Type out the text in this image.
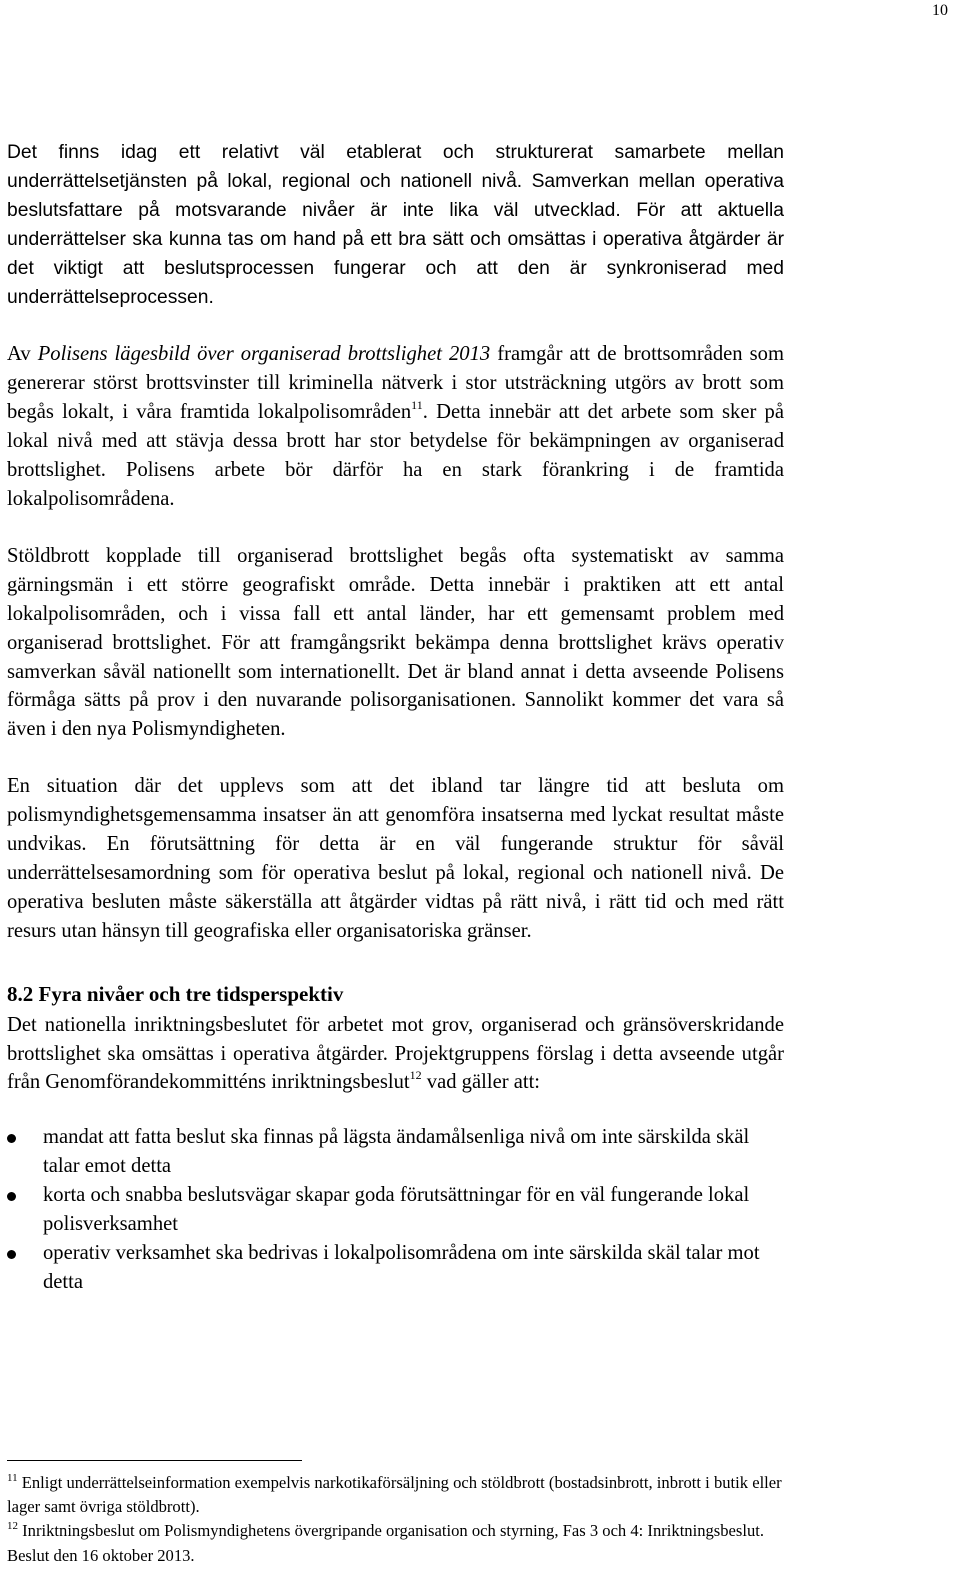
10

Det finns idag ett relativt väl etablerat och strukturerat samarbete mellan underrättelsetjänsten på lokal, regional och nationell nivå. Samverkan mellan operativa beslutsfattare på motsvarande nivåer är inte lika väl utvecklad. För att aktuella underrättelser ska kunna tas om hand på ett bra sätt och omsättas i operativa åtgärder är det viktigt att beslutsprocessen fungerar och att den är synkroniserad med underrättelseprocessen.

Av Polisens lägesbild över organiserad brottslighet 2013 framgår att de brottsområden som genererar störst brottsvinster till kriminella nätverk i stor utsträckning utgörs av brott som begås lokalt, i våra framtida lokalpolisområden$^{11}$. Detta innebär att det arbete som sker på lokal nivå med att stävja dessa brott har stor betydelse för bekämpningen av organiserad brottslighet. Polisens arbete bör därför ha en stark förankring i de framtida lokalpolisområdena.

Stöldbrott kopplade till organiserad brottslighet begås ofta systematiskt av samma gärningsmän i ett större geografiskt område. Detta innebär i praktiken att ett antal lokalpolisområden, och i vissa fall ett antal länder, har ett gemensamt problem med organiserad brottslighet. För att framgångsrikt bekämpa denna brottslighet krävs operativ samverkan såväl nationellt som internationellt. Det är bland annat i detta avseende Polisens förmåga sätts på prov i den nuvarande polisorganisationen. Sannolikt kommer det vara så även i den nya Polismyndigheten.

En situation där det upplevs som att det ibland tar längre tid att besluta om polismyndighetsgemensamma insatser än att genomföra insatserna med lyckat resultat måste undvikas. En förutsättning för detta är en väl fungerande struktur för såväl underrättelsesamordning som för operativa beslut på lokal, regional och nationell nivå. De operativa besluten måste säkerställa att åtgärder vidtas på rätt nivå, i rätt tid och med rätt resurs utan hänsyn till geografiska eller organisatoriska gränser.

8.2 Fyra nivåer och tre tidsperspektiv

Det nationella inriktningsbeslutet för arbetet mot grov, organiserad och gränsöverskridande brottslighet ska omsättas i operativa åtgärder. Projektgruppens förslag i detta avseende utgår från Genomförandekommitténs inriktningsbeslut$^{12}$ vad gäller att:

mandat att fatta beslut ska finnas på lägsta ändamålsenliga nivå om inte särskilda skäl talar emot detta
korta och snabba beslutsvägar skapar goda förutsättningar för en väl fungerande lokal polisverksamhet
operativ verksamhet ska bedrivas i lokalpolisområdena om inte särskilda skäl talar mot detta

$^{11}$ Enligt underrättelseinformation exempelvis narkotikaförsäljning och stöldbrott (bostadsinbrott, inbrott i butik eller lager samt övriga stöldbrott).

$^{12}$ Inriktningsbeslut om Polismyndighetens övergripande organisation och styrning, Fas 3 och 4: Inriktningsbeslut. Beslut den 16 oktober 2013.
